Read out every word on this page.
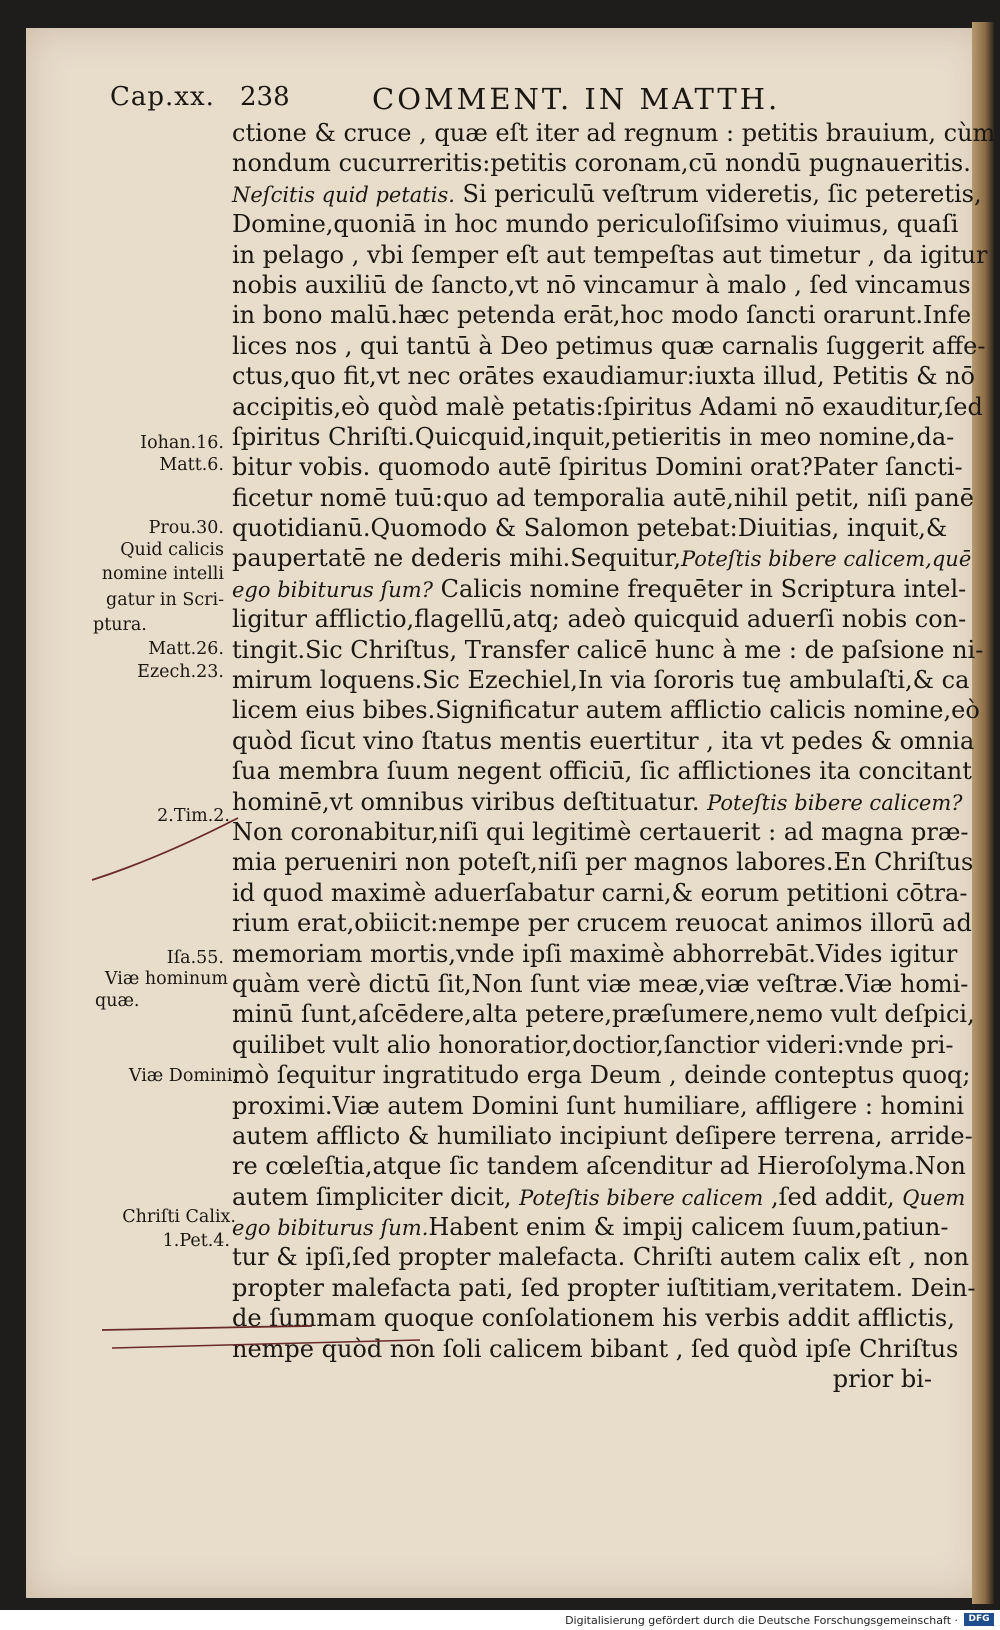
Cap.xx. 238	COMMENT. IN MATTH.
ctione & cruce , quæ eſt iter ad regnum : petitis brauium, cùm
nondum cucurreritis:petitis coronam,cū nondū pugnaueritis.
Neſcitis quid petatis. Si periculū veſtrum videretis, ſic peteretis,
Domine,quoniā in hoc mundo periculoſiſsimo viuimus, quaſi
in pelago , vbi ſemper eſt aut tempeſtas aut timetur , da igitur
nobis auxiliū de ſancto,vt nō vincamur à malo , ſed vincamus
in bono malū.hæc petenda erāt,hoc modo ſancti orarunt.Infe
lices nos , qui tantū à Deo petimus quæ carnalis ſuggerit affe-
ctus,quo fit,vt nec orātes exaudiamur:iuxta illud, Petitis & nō
accipitis,eò quòd malè petatis:ſpiritus Adami nō exauditur,ſed
ſpiritus Chriſti.Quicquid,inquit,petieritis in meo nomine,da-
bitur vobis. quomodo autē ſpiritus Domini orat?Pater ſancti-
ficetur nomē tuū:quo ad temporalia autē,nihil petit, niſi panē
quotidianū.Quomodo & Salomon petebat:Diuitias, inquit,&
paupertatē ne dederis mihi.Sequitur,Poteſtis bibere calicem,quē
ego bibiturus ſum? Calicis nomine frequēter in Scriptura intel-
ligitur afflictio,flagellū,atq; adeò quicquid aduerſi nobis con-
tingit.Sic Chriſtus, Transfer calicē hunc à me : de paſsione ni-
mirum loquens.Sic Ezechiel,In via ſororis tuę ambulaſti,& ca
licem eius bibes.Significatur autem afflictio calicis nomine,eò
quòd ſicut vino ſtatus mentis euertitur , ita vt pedes & omnia
ſua membra ſuum negent officiū, ſic afflictiones ita concitant
hominē,vt omnibus viribus deſtituatur. Poteſtis bibere calicem?
Non coronabitur,niſi qui legitimè certauerit : ad magna præ-
mia perueniri non poteſt,niſi per magnos labores.En Chriſtus
id quod maximè aduerſabatur carni,& eorum petitioni cōtra-
rium erat,obiicit:nempe per crucem reuocat animos illorū ad
memoriam mortis,vnde ipſi maximè abhorrebāt.Vides igitur
quàm verè dictū ſit,Non ſunt viæ meæ,viæ veſtræ.Viæ homi-
minū ſunt,aſcēdere,alta petere,præſumere,nemo vult deſpici,
quilibet vult alio honoratior,doctior,ſanctior videri:vnde pri-
mò ſequitur ingratitudo erga Deum , deinde conteptus quoq;
proximi.Viæ autem Domini ſunt humiliare, affligere : homini
autem afflicto & humiliato incipiunt deſipere terrena, arride-
re cœleſtia,atque ſic tandem aſcenditur ad Hieroſolyma.Non
autem ſimpliciter dicit, Poteſtis bibere calicem ,ſed addit, Quem
ego bibiturus ſum.Habent enim & impij calicem ſuum,patiun-
tur & ipſi,ſed propter malefacta. Chriſti autem calix eſt , non
propter malefacta pati, ſed propter iuſtitiam,veritatem. Dein-
de ſummam quoque conſolationem his verbis addit afflictis,
nempe quòd non ſoli calicem bibant , ſed quòd ipſe Chriſtus
prior bi-
Iohan.16.
Matt.6.
Prou.30.
Quid calicis
nomine intelli
gatur in Scri-
ptura.
Matt.26.
Ezech.23.
2.Tim.2.
Iſa.55.
Viæ hominum
quæ.
Viæ Domini.
Chriſti Calix.
1.Pet.4.
Digitalisierung gefördert durch die Deutsche Forschungsgemeinschaft ·	DFG
